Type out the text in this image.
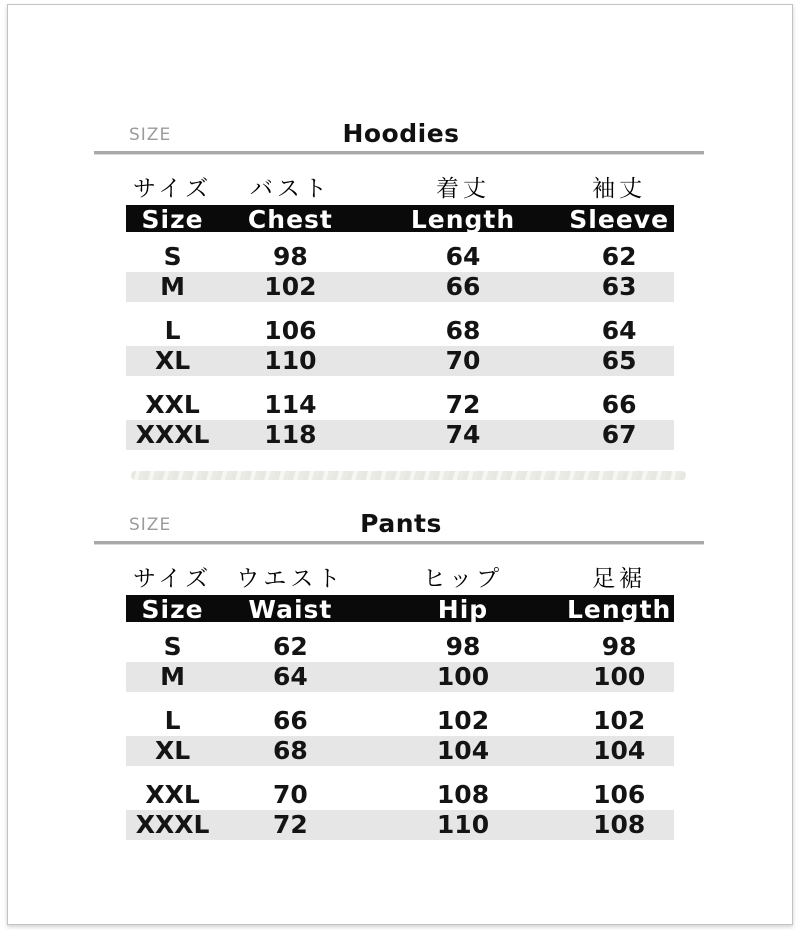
SIZE	Hoodies
サイズ	バスト	着丈	袖丈
Size	Chest	Length	Sleeve
S	98	64	62
M	102	66	63
L	106	68	64
XL	110	70	65
XXL	114	72	66
XXXL	118	74	67
SIZE	Pants
サイズ	ウエスト	ヒップ	足裾
Size	Waist	Hip	Length
S	62	98	98
M	64	100	100
L	66	102	102
XL	68	104	104
XXL	70	108	106
XXXL	72	110	108
